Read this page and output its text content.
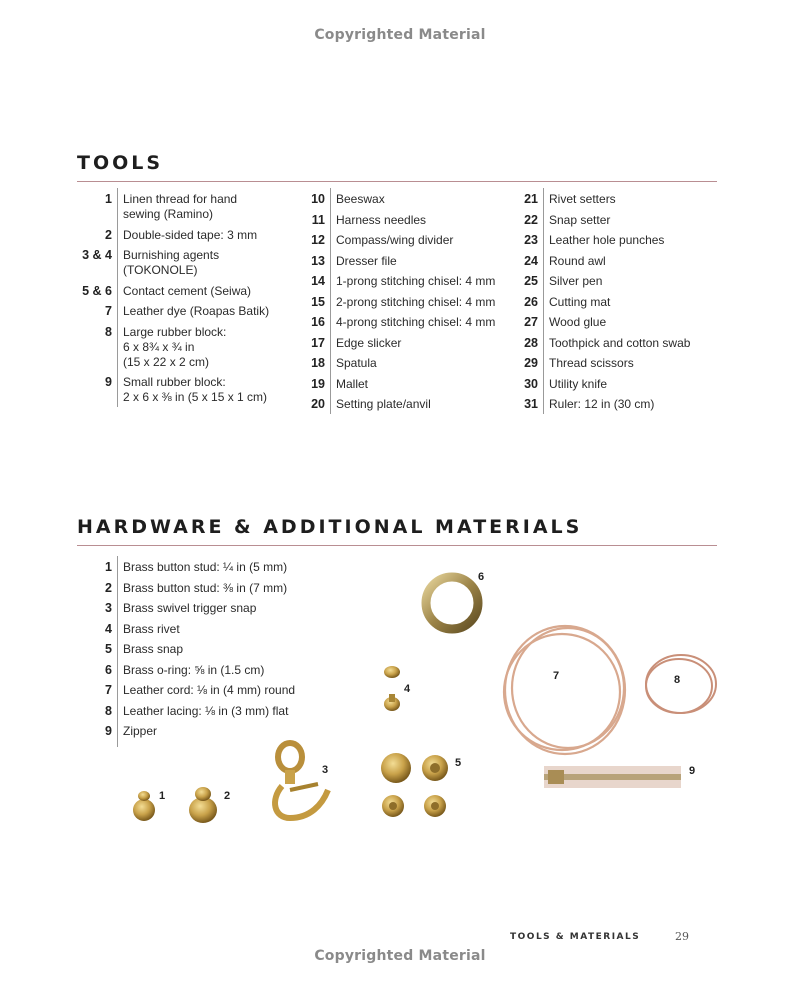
Copyrighted Material
TOOLS
1 Linen thread for hand
sewing (Ramino)
2 Double-sided tape: 3 mm
3 & 4 Burnishing agents
(TOKONOLE)
5 & 6 Contact cement (Seiwa)
7 Leather dye (Roapas Batik)
8 Large rubber block:
6 x 8¾ x ¾ in
(15 x 22 x 2 cm)
9 Small rubber block:
2 x 6 x ⅜ in (5 x 15 x 1 cm)
10 Beeswax
11 Harness needles
12 Compass/wing divider
13 Dresser file
14 1-prong stitching chisel: 4 mm
15 2-prong stitching chisel: 4 mm
16 4-prong stitching chisel: 4 mm
17 Edge slicker
18 Spatula
19 Mallet
20 Setting plate/anvil
21 Rivet setters
22 Snap setter
23 Leather hole punches
24 Round awl
25 Silver pen
26 Cutting mat
27 Wood glue
28 Toothpick and cotton swab
29 Thread scissors
30 Utility knife
31 Ruler: 12 in (30 cm)
HARDWARE & ADDITIONAL MATERIALS
1 Brass button stud: ¼ in (5 mm)
2 Brass button stud: ⅜ in (7 mm)
3 Brass swivel trigger snap
4 Brass rivet
5 Brass snap
6 Brass o-ring: ⅝ in (1.5 cm)
7 Leather cord: ⅛ in (4 mm) round
8 Leather lacing: ⅛ in (3 mm) flat
9 Zipper
1	2
3
4
5
6
7	8
9
TOOLS & MATERIALS	29
Copyrighted Material
